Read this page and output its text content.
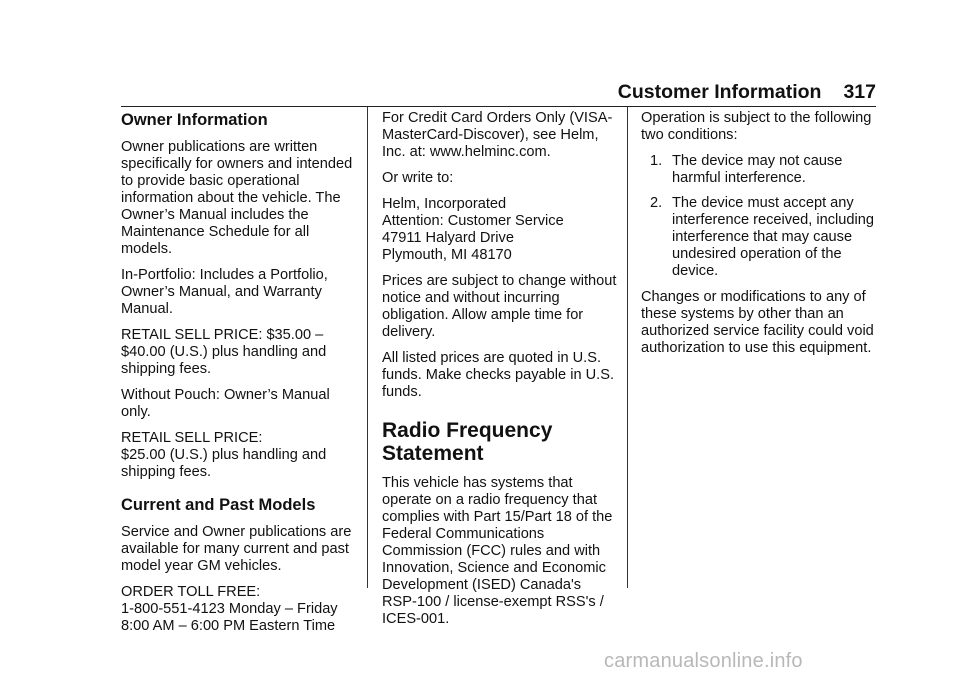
Customer Information 317
Owner Information

Owner publications are written specifically for owners and intended to provide basic operational information about the vehicle. The Owner’s Manual includes the Maintenance Schedule for all models.

In-Portfolio: Includes a Portfolio, Owner’s Manual, and Warranty Manual.

RETAIL SELL PRICE: $35.00 – $40.00 (U.S.) plus handling and shipping fees.

Without Pouch: Owner’s Manual only.

RETAIL SELL PRICE:
$25.00 (U.S.) plus handling and shipping fees.

Current and Past Models

Service and Owner publications are available for many current and past model year GM vehicles.

ORDER TOLL FREE:
1-800-551-4123 Monday – Friday
8:00 AM – 6:00 PM Eastern Time

For Credit Card Orders Only (VISA-MasterCard-Discover), see Helm, Inc. at: www.helminc.com.

Or write to:

Helm, Incorporated
Attention: Customer Service
47911 Halyard Drive
Plymouth, MI 48170

Prices are subject to change without notice and without incurring obligation. Allow ample time for delivery.

All listed prices are quoted in U.S. funds. Make checks payable in U.S. funds.

Radio Frequency Statement

This vehicle has systems that operate on a radio frequency that complies with Part 15/Part 18 of the Federal Communications Commission (FCC) rules and with Innovation, Science and Economic Development (ISED) Canada's RSP-100 / license-exempt RSS's / ICES-001.

Operation is subject to the following two conditions:

1. The device may not cause harmful interference.
2. The device must accept any interference received, including interference that may cause undesired operation of the device.

Changes or modifications to any of these systems by other than an authorized service facility could void authorization to use this equipment.

carmanualsonline.info
